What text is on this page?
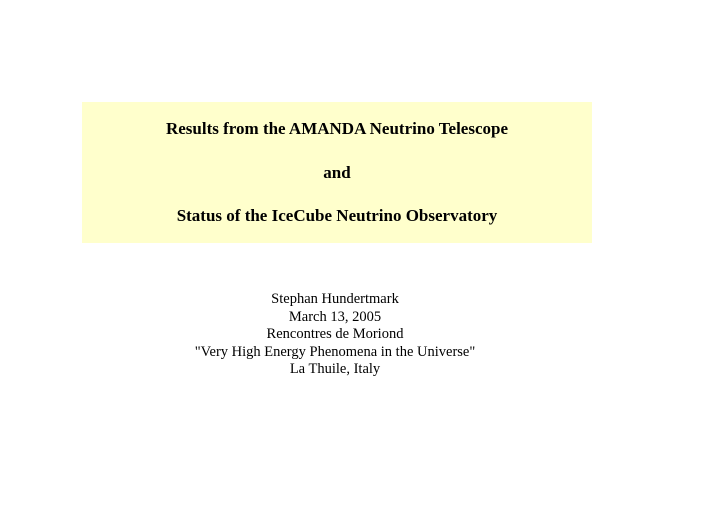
Results from the AMANDA Neutrino Telescope
and
Status of the IceCube Neutrino Observatory
Stephan Hundertmark
March 13, 2005
Rencontres de Moriond
"Very High Energy Phenomena in the Universe"
La Thuile, Italy
